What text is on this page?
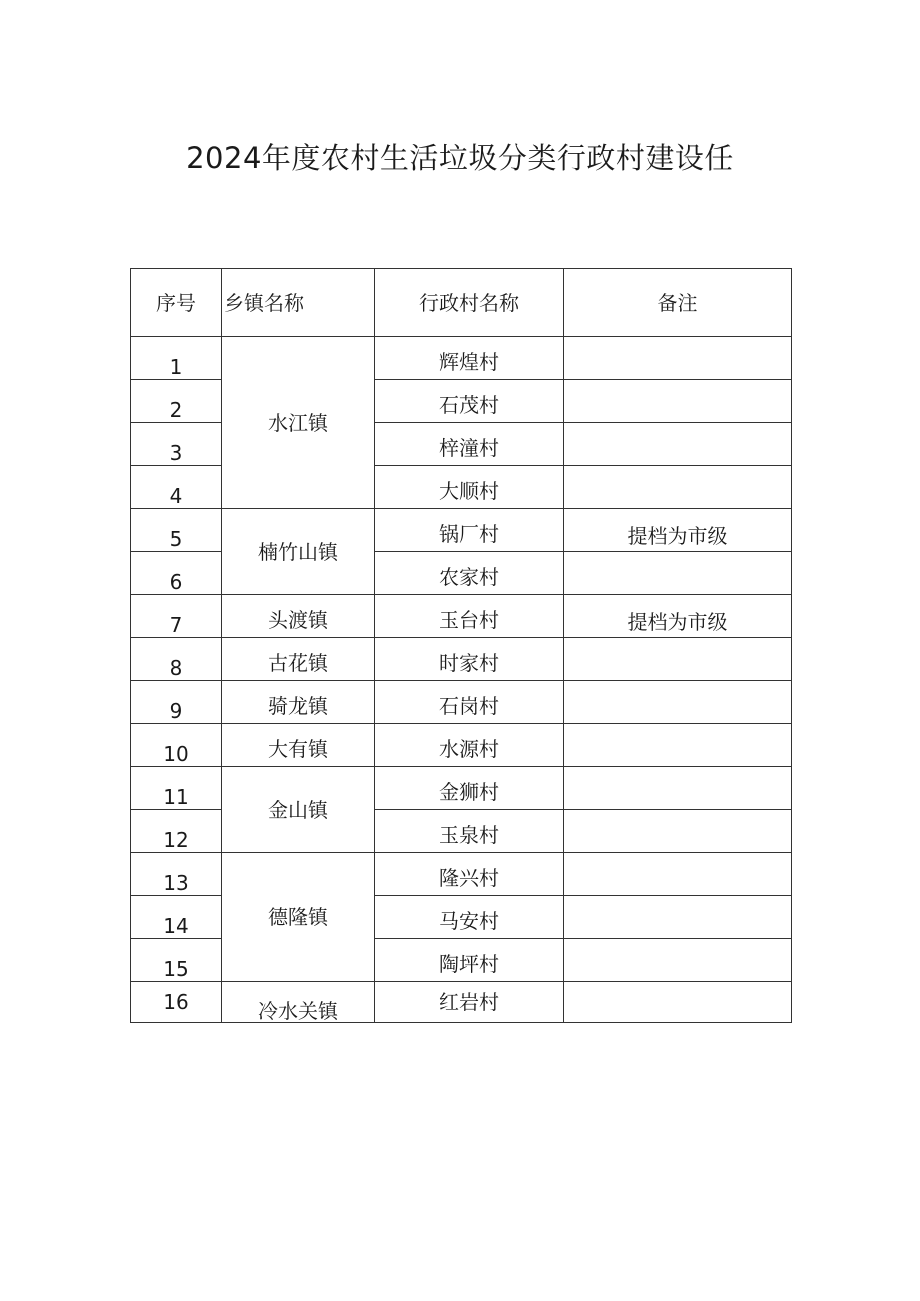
2024年度农村生活垃圾分类行政村建设任
序号	乡镇名称	行政村名称	备注
1	水江镇	辉煌村	
2		石茂村	
3		梓潼村	
4		大顺村	
5	楠竹山镇	锅厂村	提档为市级
6		农家村	
7	头渡镇	玉台村	提档为市级
8	古花镇	时家村	
9	骑龙镇	石岗村	
10	大有镇	水源村	
11	金山镇	金狮村	
12		玉泉村	
13	德隆镇	隆兴村	
14		马安村	
15		陶坪村	
16	冷水关镇	红岩村	
